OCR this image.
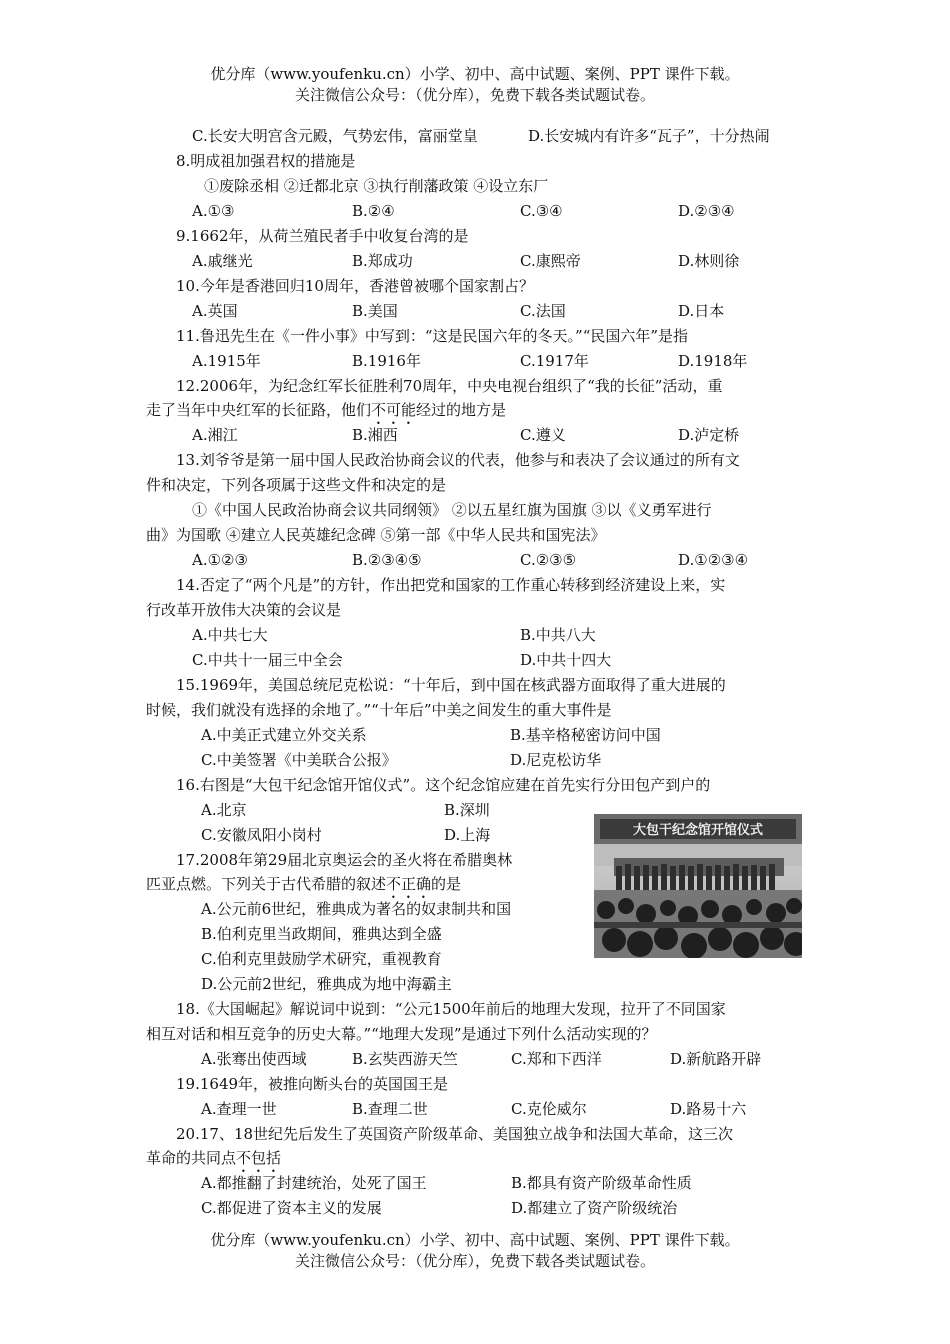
优分库（www.youfenku.cn）小学、初中、高中试题、案例、PPT 课件下载。
关注微信公众号：（优分库），免费下载各类试题试卷。
C.长安大明宫含元殿，气势宏伟，富丽堂皇	D.长安城内有许多“瓦子”，十分热闹
8.明成祖加强君权的措施是
①废除丞相 ②迁都北京 ③执行削藩政策 ④设立东厂
A.①③	B.②④	C.③④	D.②③④
9.1662年，从荷兰殖民者手中收复台湾的是
A.戚继光	B.郑成功	C.康熙帝	D.林则徐
10.今年是香港回归10周年，香港曾被哪个国家割占？
A.英国	B.美国	C.法国	D.日本
11.鲁迅先生在《一件小事》中写到：“这是民国六年的冬天。”“民国六年”是指
A.1915年	B.1916年	C.1917年	D.1918年
12.2006年，为纪念红军长征胜利70周年，中央电视台组织了“我的长征”活动，重
走了当年中央红军的长征路，他们不可能经过的地方是
A.湘江	B.湘西	C.遵义	D.泸定桥
13.刘爷爷是第一届中国人民政治协商会议的代表，他参与和表决了会议通过的所有文
件和决定，下列各项属于这些文件和决定的是
①《中国人民政治协商会议共同纲领》 ②以五星红旗为国旗 ③以《义勇军进行
曲》为国歌 ④建立人民英雄纪念碑 ⑤第一部《中华人民共和国宪法》
A.①②③	B.②③④⑤	C.②③⑤	D.①②③④
14.否定了“两个凡是”的方针，作出把党和国家的工作重心转移到经济建设上来，实
行改革开放伟大决策的会议是
A.中共七大	B.中共八大
C.中共十一届三中全会	D.中共十四大
15.1969年，美国总统尼克松说：“十年后，到中国在核武器方面取得了重大进展的
时候，我们就没有选择的余地了。”“十年后”中美之间发生的重大事件是
A.中美正式建立外交关系	B.基辛格秘密访问中国
C.中美签署《中美联合公报》	D.尼克松访华
16.右图是“大包干纪念馆开馆仪式”。这个纪念馆应建在首先实行分田包产到户的
A.北京	B.深圳
C.安徽凤阳小岗村	D.上海	大包干纪念馆开馆仪式
17.2008年第29届北京奥运会的圣火将在希腊奥林
匹亚点燃。下列关于古代希腊的叙述不正确的是
A.公元前6世纪，雅典成为著名的奴隶制共和国
B.伯利克里当政期间，雅典达到全盛
C.伯利克里鼓励学术研究，重视教育
D.公元前2世纪，雅典成为地中海霸主
18.《大国崛起》解说词中说到：“公元1500年前后的地理大发现，拉开了不同国家
相互对话和相互竞争的历史大幕。”“地理大发现”是通过下列什么活动实现的？
A.张骞出使西域	B.玄奘西游天竺	C.郑和下西洋	D.新航路开辟
19.1649年，被推向断头台的英国国王是
A.查理一世	B.查理二世	C.克伦威尔	D.路易十六
20.17、18世纪先后发生了英国资产阶级革命、美国独立战争和法国大革命，这三次
革命的共同点不包括
A.都推翻了封建统治，处死了国王	B.都具有资产阶级革命性质
C.都促进了资本主义的发展	D.都建立了资产阶级统治
优分库（www.youfenku.cn）小学、初中、高中试题、案例、PPT 课件下载。
关注微信公众号：（优分库），免费下载各类试题试卷。
